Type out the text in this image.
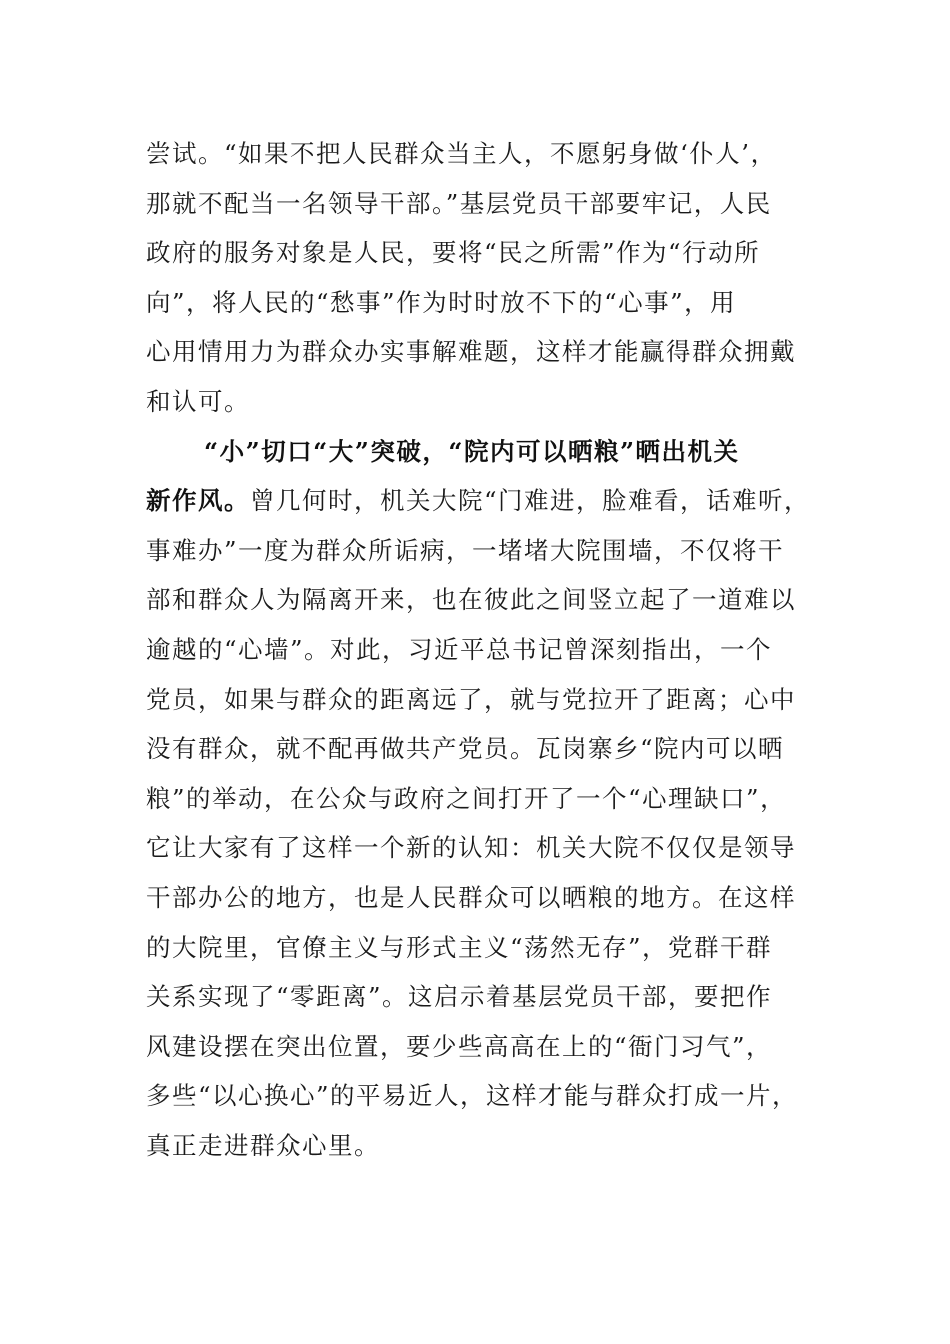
尝试。“如果不把人民群众当主人，不愿躬身做‘仆人’，
那就不配当一名领导干部。”基层党员干部要牢记，人民
政府的服务对象是人民，要将“民之所需”作为“行动所
向”，将人民的“愁事”作为时时放不下的“心事”，用
心用情用力为群众办实事解难题，这样才能赢得群众拥戴
和认可。
“小”切口“大”突破，“院内可以晒粮”晒出机关
新作风。曾几何时，机关大院“门难进，脸难看，话难听，
事难办”一度为群众所诟病，一堵堵大院围墙，不仅将干
部和群众人为隔离开来，也在彼此之间竖立起了一道难以
逾越的“心墙”。对此，习近平总书记曾深刻指出，一个
党员，如果与群众的距离远了，就与党拉开了距离；心中
没有群众，就不配再做共产党员。瓦岗寨乡“院内可以晒
粮”的举动，在公众与政府之间打开了一个“心理缺口”，
它让大家有了这样一个新的认知：机关大院不仅仅是领导
干部办公的地方，也是人民群众可以晒粮的地方。在这样
的大院里，官僚主义与形式主义“荡然无存”，党群干群
关系实现了“零距离”。这启示着基层党员干部，要把作
风建设摆在突出位置，要少些高高在上的“衙门习气”，
多些“以心换心”的平易近人，这样才能与群众打成一片，
真正走进群众心里。
